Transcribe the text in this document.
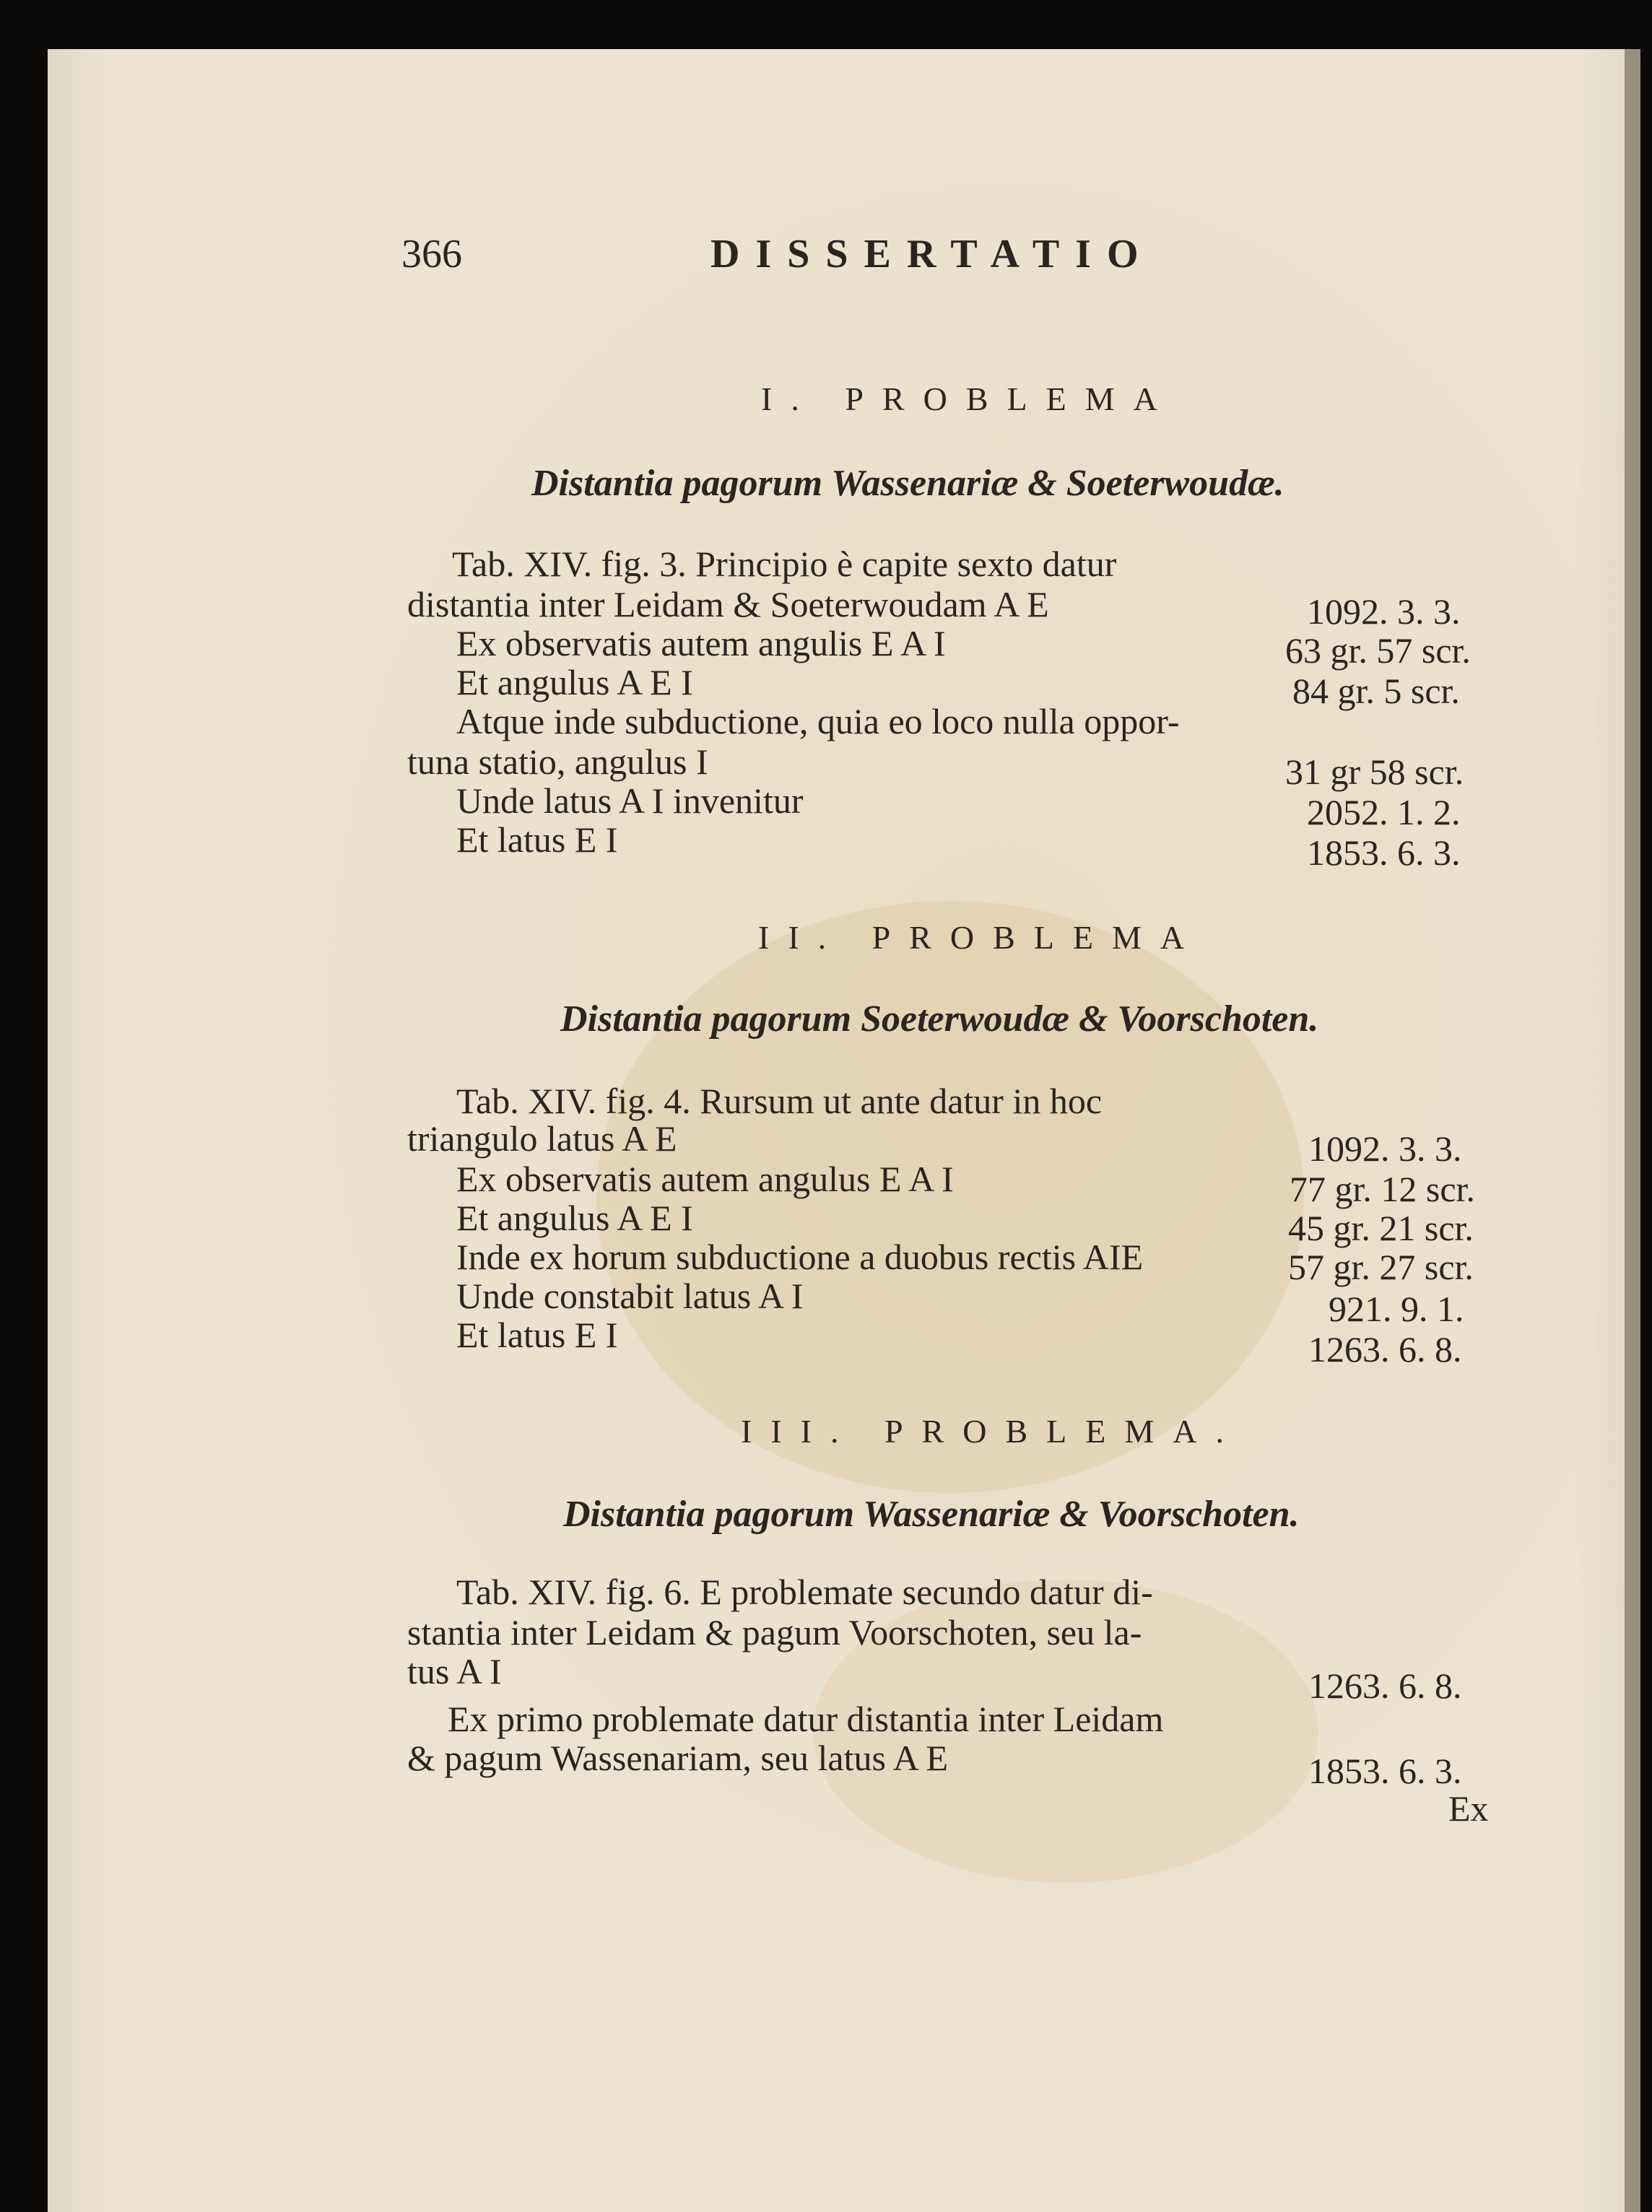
366	DISSERTATIO
I. PROBLEMA
Distantia pagorum Wassenariæ & Soeterwoudæ.
Tab. XIV. fig. 3. Principio è capite sexto datur
distantia inter Leidam & Soeterwoudam A E	1092. 3. 3.
Ex observatis autem angulis E A I	63 gr. 57 scr.
Et angulus A E I	84 gr. 5 scr.
Atque inde subductione, quia eo loco nulla oppor-
tuna statio, angulus I	31 gr 58 scr.
Unde latus A I invenitur	2052. 1. 2.
Et latus E I	1853. 6. 3.
II. PROBLEMA
Distantia pagorum Soeterwoudæ & Voorschoten.
Tab. XIV. fig. 4. Rursum ut ante datur in hoc
triangulo latus A E	1092. 3. 3.
Ex observatis autem angulus E A I	77 gr. 12 scr.
Et angulus A E I	45 gr. 21 scr.
Inde ex horum subductione a duobus rectis AIE	57 gr. 27 scr.
Unde constabit latus A I	921. 9. 1.
Et latus E I	1263. 6. 8.
III. PROBLEMA.
Distantia pagorum Wassenariæ & Voorschoten.
Tab. XIV. fig. 6. E problemate secundo datur di-
stantia inter Leidam & pagum Voorschoten, seu la-
tus A I	1263. 6. 8.
Ex primo problemate datur distantia inter Leidam
& pagum Wassenariam, seu latus A E	1853. 6. 3.
Ex
